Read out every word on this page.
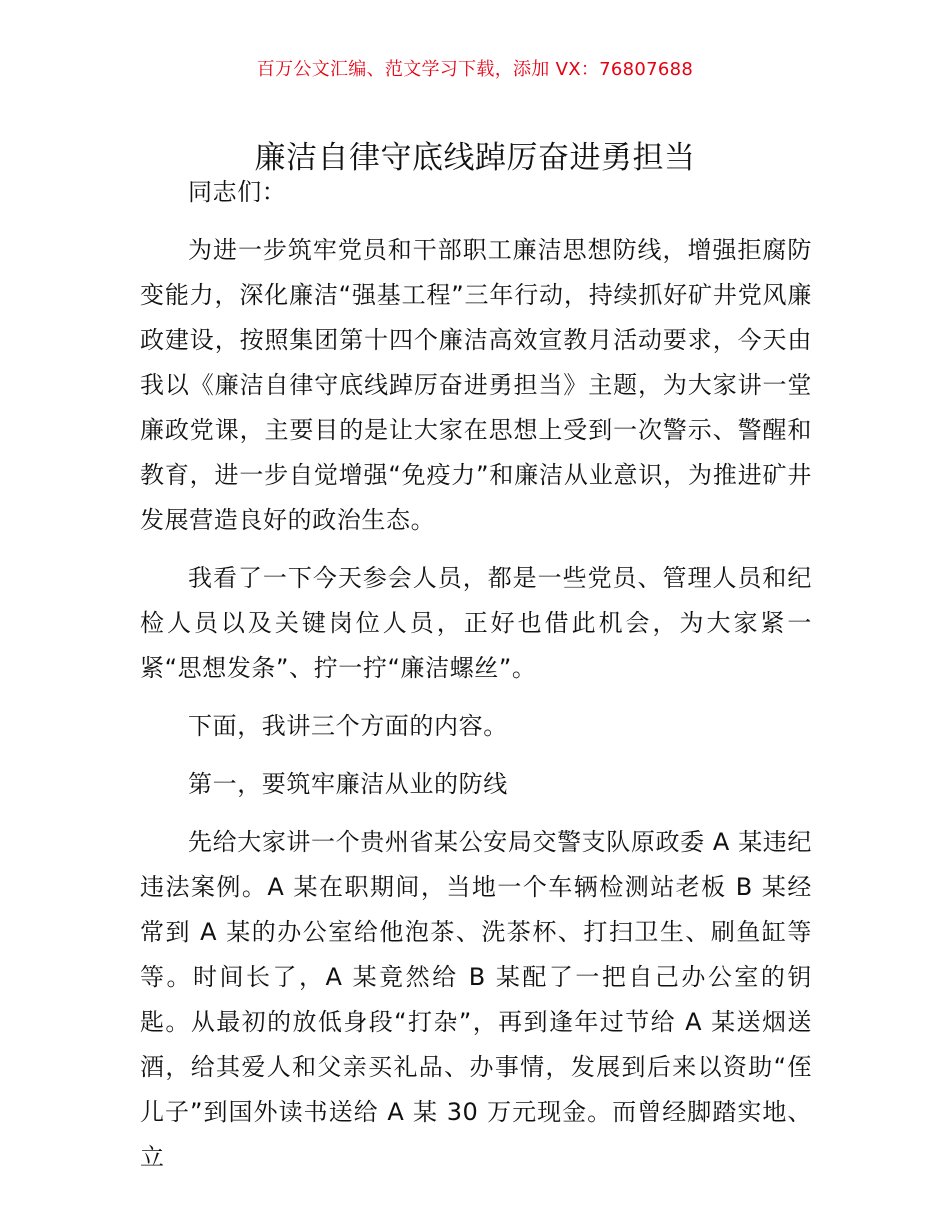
百万公文汇编、范文学习下载，添加 VX：76807688
廉洁自律守底线踔厉奋进勇担当

同志们：

为进一步筑牢党员和干部职工廉洁思想防线，增强拒腐防变能力，深化廉洁“强基工程”三年行动，持续抓好矿井党风廉政建设，按照集团第十四个廉洁高效宣教月活动要求，今天由我以《廉洁自律守底线踔厉奋进勇担当》主题，为大家讲一堂廉政党课，主要目的是让大家在思想上受到一次警示、警醒和教育，进一步自觉增强“免疫力”和廉洁从业意识，为推进矿井发展营造良好的政治生态。

我看了一下今天参会人员，都是一些党员、管理人员和纪检人员以及关键岗位人员，正好也借此机会，为大家紧一紧“思想发条”、拧一拧“廉洁螺丝”。

下面，我讲三个方面的内容。

第一，要筑牢廉洁从业的防线

先给大家讲一个贵州省某公安局交警支队原政委 A 某违纪违法案例。A 某在职期间，当地一个车辆检测站老板 B 某经常到 A 某的办公室给他泡茶、洗茶杯、打扫卫生、刷鱼缸等等。时间长了，A 某竟然给 B 某配了一把自己办公室的钥匙。从最初的放低身段“打杂”，再到逢年过节给 A 某送烟送酒，给其爱人和父亲买礼品、办事情，发展到后来以资助“侄儿子”到国外读书送给 A 某 30 万元现金。而曾经脚踏实地、立
